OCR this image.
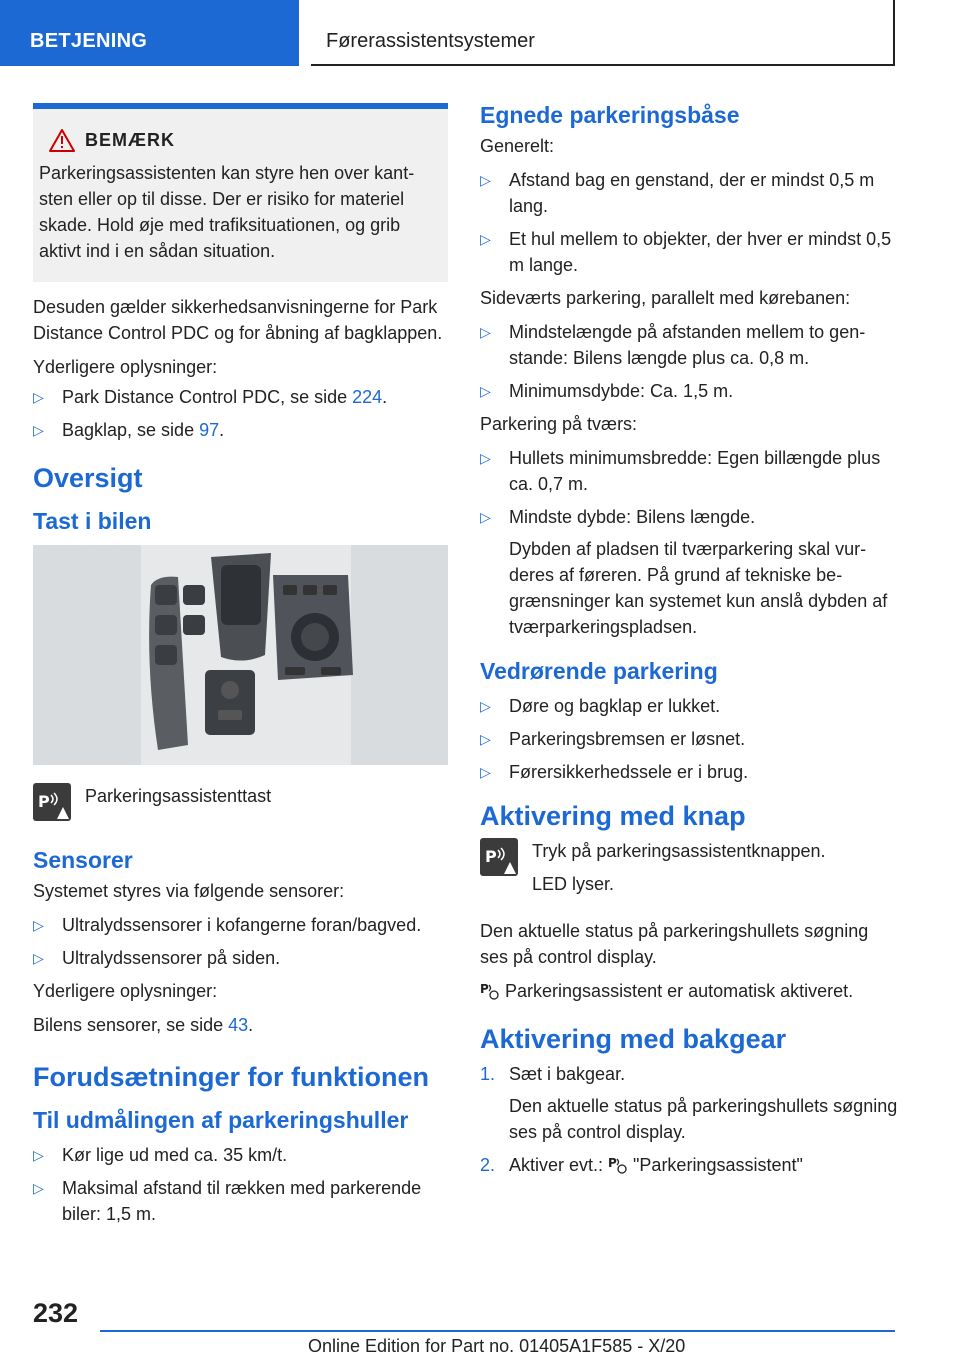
BETJENING	Førerassistentsystemer
BEMÆRK

Parkeringsassistenten kan styre hen over kantsten eller op til disse. Der er risiko for materiel skade. Hold øje med trafiksituationen, og grib aktivt ind i en sådan situation.

Desuden gælder sikkerhedsanvisningerne for Park Distance Control PDC og for åbning af bagklappen.

Yderligere oplysninger:

▷	Park Distance Control PDC, se side 224.
▷	Bagklap, se side 97.
Oversigt
Tast i bilen
P Parkeringsassistenttast
Sensorer

Systemet styres via følgende sensorer:

▷	Ultralydssensorer i kofangerne foran/bagved.
▷	Ultralydssensorer på siden.

Yderligere oplysninger:

Bilens sensorer, se side 43.

Forudsætninger for funktionen
Til udmålingen af parkeringshuller
▷	Kør lige ud med ca. 35 km/t.
▷	Maksimal afstand til rækken med parkerende biler: 1,5 m.
Egnede parkeringsbåse

Generelt:

▷	Afstand bag en genstand, der er mindst 0,5 m lang.
▷	Et hul mellem to objekter, der hver er mindst 0,5 m lange.

Sideværts parkering, parallelt med kørebanen:

▷	Mindstelængde på afstanden mellem to genstande: Bilens længde plus ca. 0,8 m.
▷	Minimumsdybde: Ca. 1,5 m.

Parkering på tværs:

▷	Hullets minimumsbredde: Egen billængde plus ca. 0,7 m.
▷	Mindste dybde: Bilens længde.
Dybden af pladsen til tværparkering skal vurderes af føreren. På grund af tekniske begrænsninger kan systemet kun anslå dybden af tværparkeringspladsen.
Vedrørende parkering
▷	Døre og bagklap er lukket.
▷	Parkeringsbremsen er løsnet.
▷	Førersikkerhedssele er i brug.
Aktivering med knap
P Tryk på parkeringsassistentknappen.

LED lyser.

Den aktuelle status på parkeringshullets søgning ses på control display.

P Parkeringsassistent er automatisk aktiveret.

Aktivering med bakgear
1. Sæt i bakgear.
Den aktuelle status på parkeringshullets søgning ses på control display.
2. Aktiver evt.: P "Parkeringsassistent"
232
Online Edition for Part no. 01405A1F585 - X/20
